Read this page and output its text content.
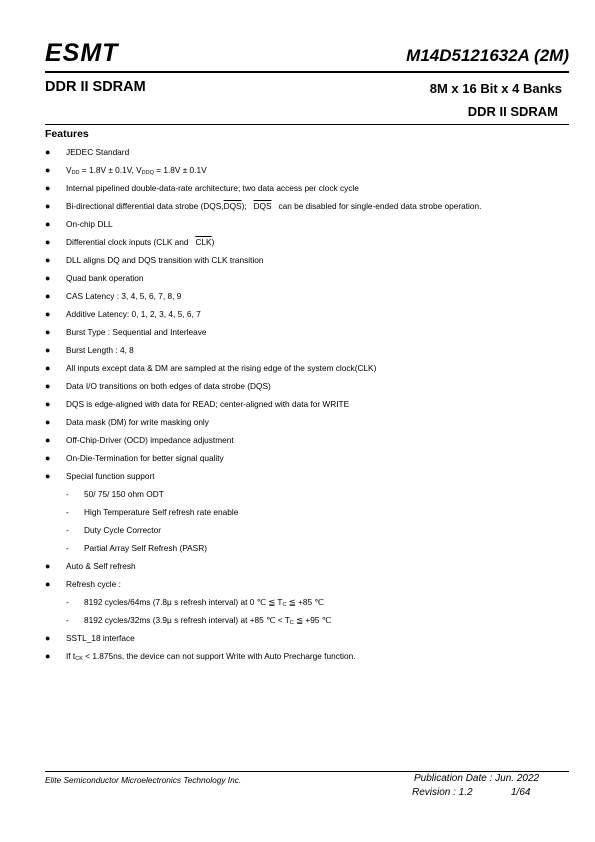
ESMT	M14D5121632A (2M)
DDR II SDRAM	8M x 16 Bit x 4 Banks
DDR II SDRAM
Features
●
JEDEC Standard
●
$V_{DD} = 1.8V \pm 0.1V$, $V_{DDQ} = 1.8V \pm 0.1V$
●
Internal pipelined double-data-rate architecture; two data access per clock cycle
●
Bi-directional differential data strobe $(DQS,\overline{DQS})$;   $\overline{DQS}$   can be disabled for single-ended data strobe operation.
●
On-chip DLL
●
Differential clock inputs (CLK and   $\overline{CLK}$)
●
DLL aligns DQ and DQS transition with CLK transition
●
Quad bank operation
●
CAS Latency : 3, 4, 5, 6, 7, 8, 9
●
Additive Latency: 0, 1, 2, 3, 4, 5, 6, 7
●
Burst Type : Sequential and Interleave
●
Burst Length : 4, 8
●
All inputs except data & DM are sampled at the rising edge of the system clock(CLK)
●
Data I/O transitions on both edges of data strobe (DQS)
●
DQS is edge-aligned with data for READ; center-aligned with data for WRITE
●
Data mask (DM) for write masking only
●
Off-Chip-Driver (OCD) impedance adjustment
●
On-Die-Termination for better signal quality
●
Special function support
-
50/ 75/ 150 ohm ODT
-
High Temperature Self refresh rate enable
-
Duty Cycle Corrector
-
Partial Array Self Refresh (PASR)
●
Auto & Self refresh
●
Refresh cycle :
-
8192 cycles/64ms (7.8μ s refresh interval) at 0 ℃ ≦ $T_C$ ≦ +85 ℃
-
8192 cycles/32ms (3.9μ s refresh interval) at +85 ℃ < $T_C$ ≦ +95 ℃
●
SSTL_18 interface
●
If $t_{CK} < 1.875ns$, the device can not support Write with Auto Precharge function.
Elite Semiconductor Microelectronics Technology Inc.	Publication Date : Jun. 2022
Revision : 1.2	1/64
